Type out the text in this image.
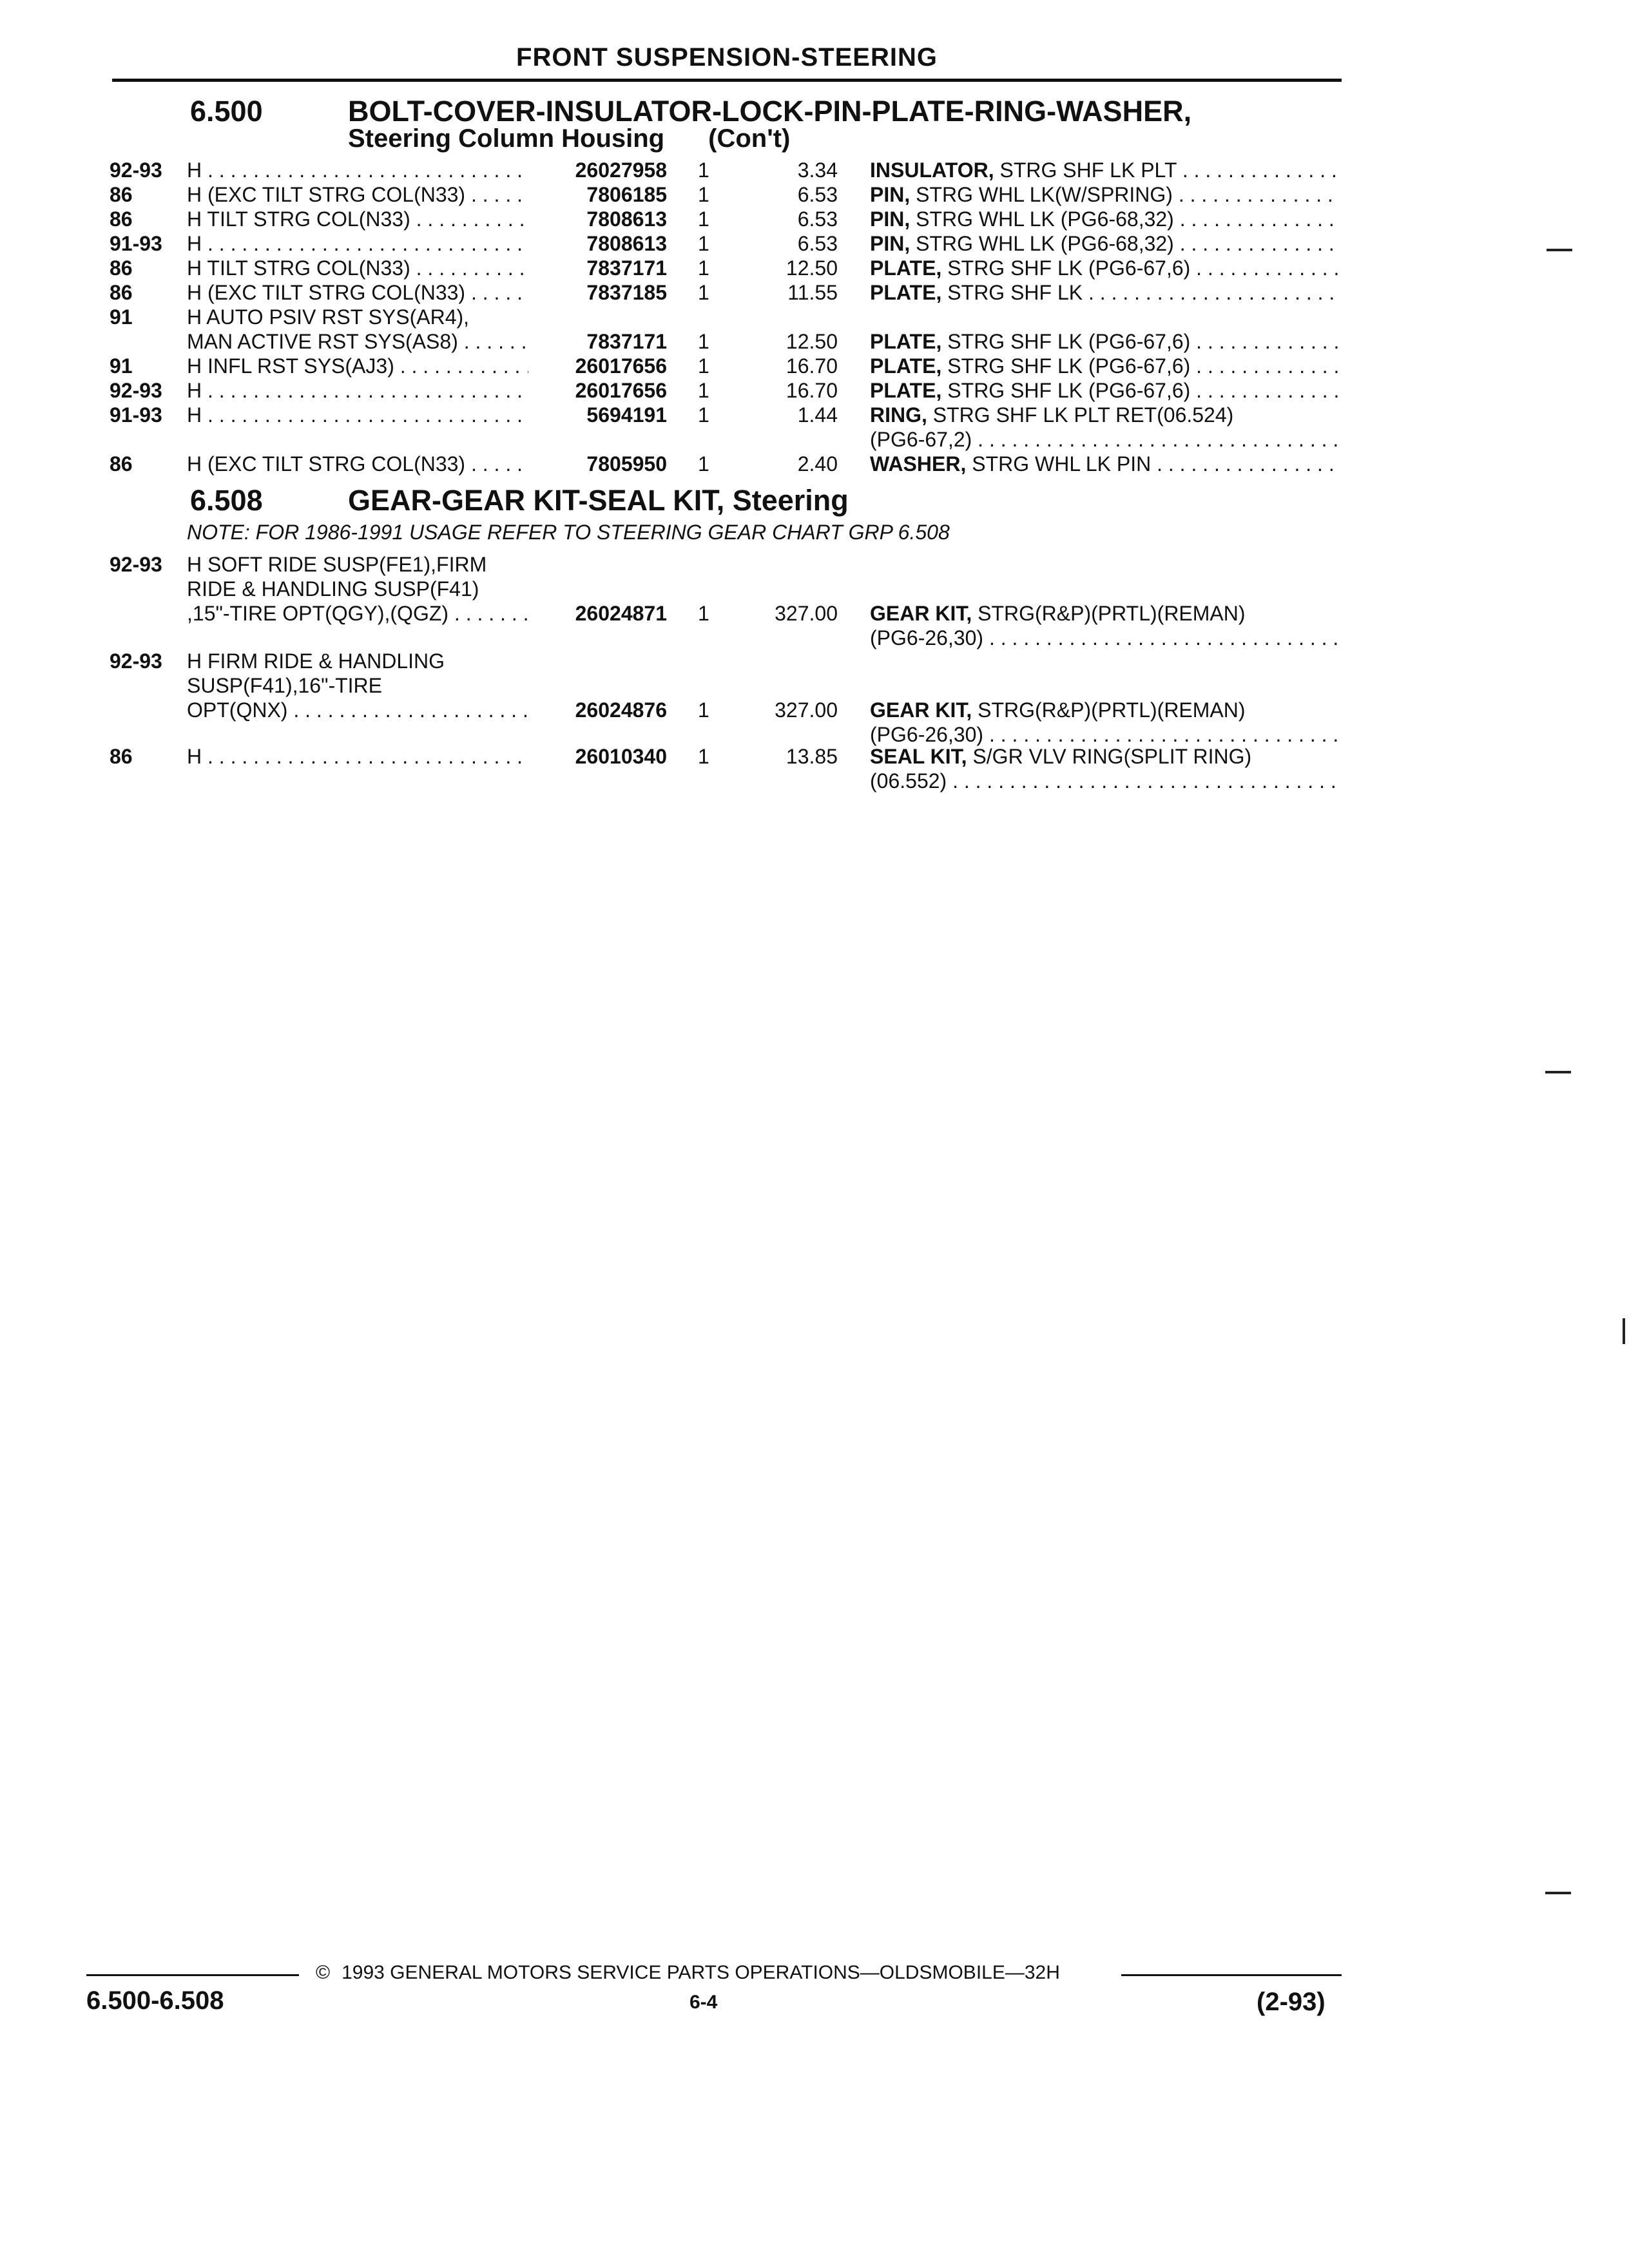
FRONT SUSPENSION-STEERING
6.500	BOLT-COVER-INSULATOR-LOCK-PIN-PLATE-RING-WASHER,
Steering Column Housing (Con't)
92-93 H . . .	26027958 1	3.34 INSULATOR, STRG SHF LK PLT . . .
86	H (EXC TILT STRG COL(N33) . . .	7806185 1	6.53 PIN, STRG WHL LK(W/SPRING) . . .
86	H TILT STRG COL(N33) . . .	7808613 1	6.53 PIN, STRG WHL LK (PG6-68,32) . . .
91-93 H . . .	7808613 1	6.53 PIN, STRG WHL LK (PG6-68,32) . . .
86	H TILT STRG COL(N33) . . .	7837171 1	12.50 PLATE, STRG SHF LK (PG6-67,6) . . .
86	H (EXC TILT STRG COL(N33) . . .	7837185 1	11.55 PLATE, STRG SHF LK . . .
91	H AUTO PSIV RST SYS(AR4),
MAN ACTIVE RST SYS(AS8) . . .	7837171 1	12.50 PLATE, STRG SHF LK (PG6-67,6) . . .
91	H INFL RST SYS(AJ3) . . .	26017656 1	16.70 PLATE, STRG SHF LK (PG6-67,6) . . .
92-93 H . . .	26017656 1	16.70 PLATE, STRG SHF LK (PG6-67,6) . . .
91-93 H . . .	5694191 1	1.44 RING, STRG SHF LK PLT RET(06.524)
(PG6-67,2) . . .
86	H (EXC TILT STRG COL(N33) . . .	7805950 1	2.40 WASHER, STRG WHL LK PIN . . .
92-93 H SOFT RIDE SUSP(FE1),FIRM
RIDE & HANDLING SUSP(F41)
,15"-TIRE OPT(QGY),(QGZ) . . .	26024871 1	327.00 GEAR KIT, STRG(R&P)(PRTL)(REMAN)
(PG6-26,30) . . .
92-93 H FIRM RIDE & HANDLING
SUSP(F41),16"-TIRE
OPT(QNX) . . .	26024876 1	327.00 GEAR KIT, STRG(R&P)(PRTL)(REMAN)
(PG6-26,30) . . .
86	H . . .	26010340 1	13.85 SEAL KIT, S/GR VLV RING(SPLIT RING)
(06.552) . . .
6.508	GEAR-GEAR KIT-SEAL KIT, Steering
NOTE: FOR 1986-1991 USAGE REFER TO STEERING GEAR CHART GRP 6.508
© 1993 GENERAL MOTORS SERVICE PARTS OPERATIONS—OLDSMOBILE—32H
6.500-6.508	6-4	(2-93)
